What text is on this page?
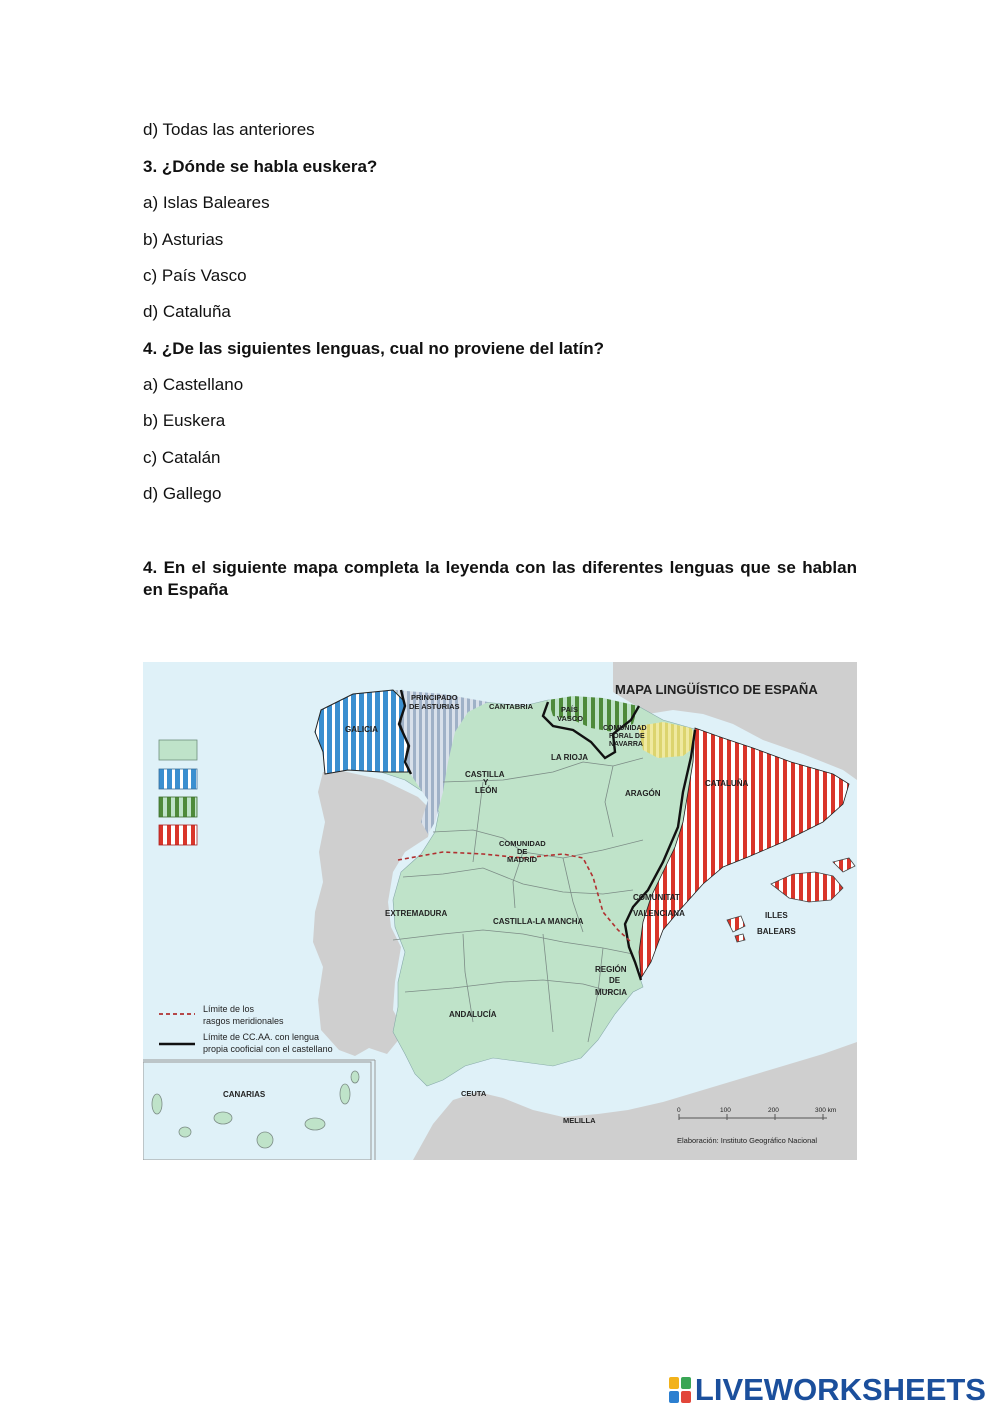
d) Todas las anteriores
3. ¿Dónde se habla euskera?
a) Islas Baleares
b) Asturias
c) País Vasco
d) Cataluña
4. ¿De las siguientes lenguas, cual no proviene del latín?
a) Castellano
b) Euskera
c) Catalán
d) Gallego
4. En el siguiente mapa completa la leyenda con las diferentes lenguas que se hablan en España
Límite de los
rasgos meridionales
Límite de CC.AA. con lengua
propia cooficial con el castellano
MAPA LINGÜÍSTICO DE ESPAÑA
GALICIA
PRINCIPADO
DE ASTURIAS	CANTABRIA	PAÍS
VASCO
COMUNIDAD
FORAL DE
NAVARRA
LA RIOJA
CASTILLA
Y
LEÓN	ARAGÓN
CATALUÑA
COMUNIDAD
DE
MADRID
EXTREMADURA
CASTILLA-LA MANCHA
COMUNITAT
VALENCIANA	ILLES
BALEARS
REGIÓN
DE
MURCIA
ANDALUCÍA
CANARIAS	CEUTA
MELILLA
0	100	200	300 km
Elaboración: Instituto Geográfico Nacional
LIVEWORKSHEETS
